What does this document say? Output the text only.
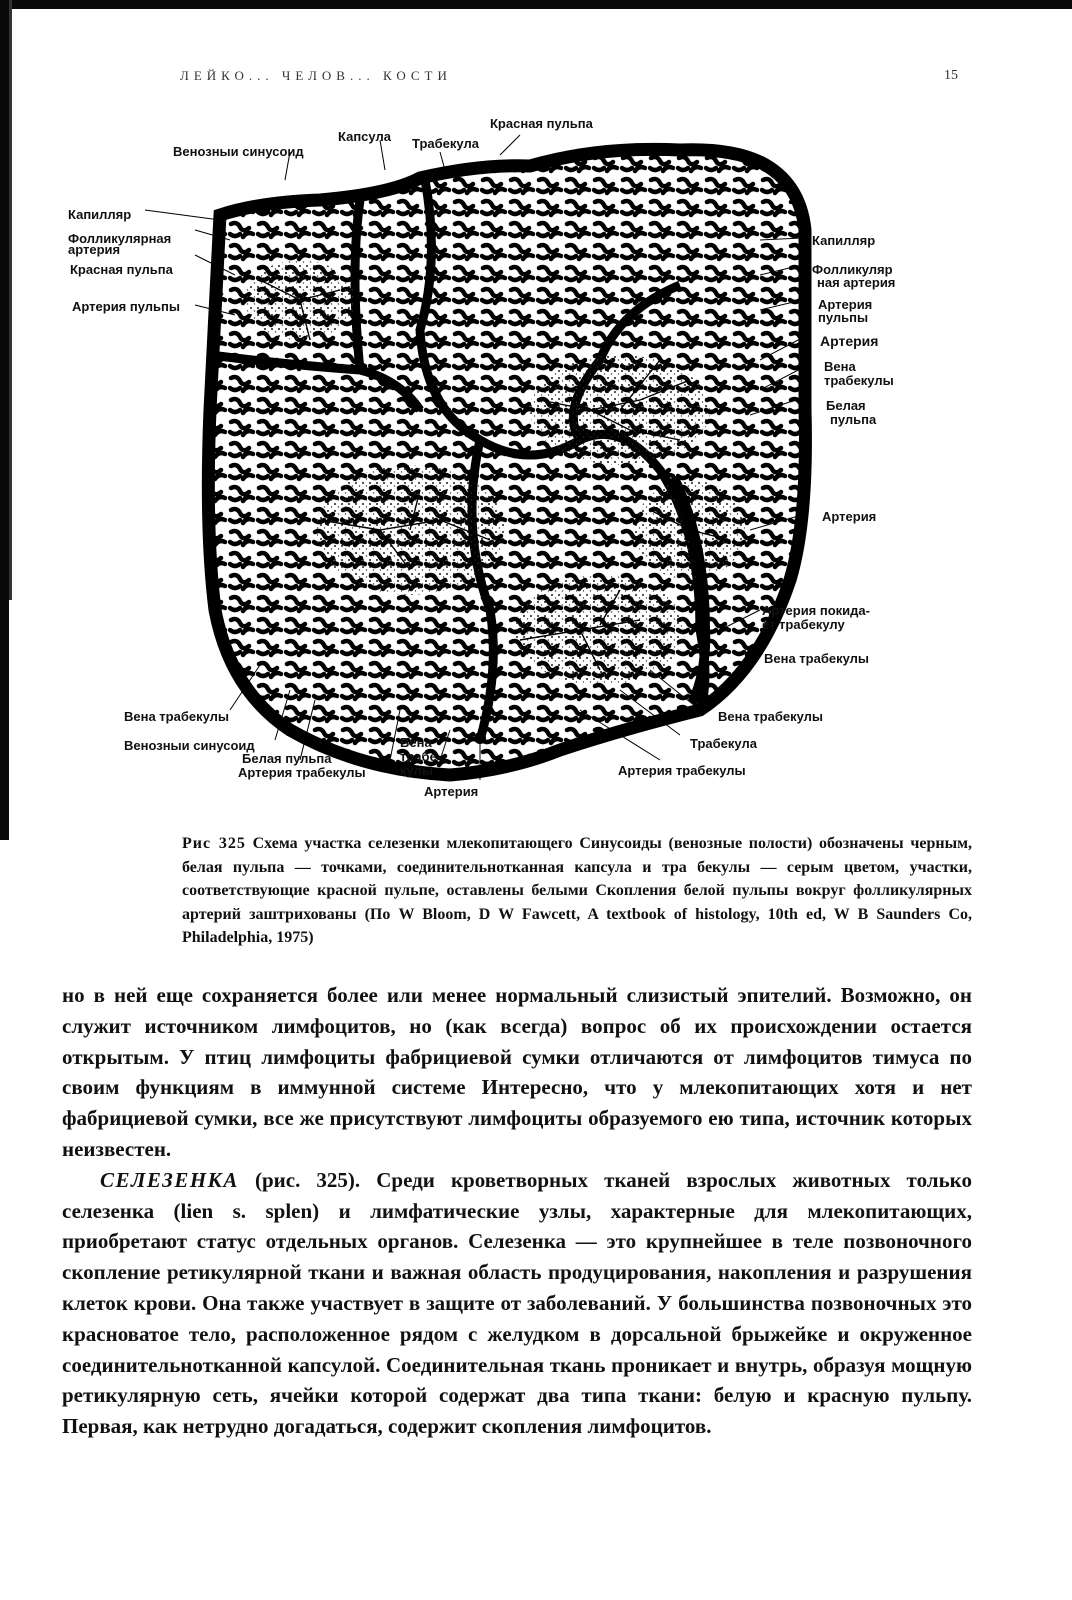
ЛЕЙКО... ЧЕЛОВ... КОСТИ	15
Красная пульпа
Венозныи синусоид
Капсула Трабекула
Капилляр
Фолликулярная
артерия
Красная пульпа
Артерия пульпы
Капилляр
Фолликуляр
ная артерия
Артерия
пульпы
Артерия
Вена
трабекулы
Белая
пульпа
Артерия
Артерия покида-
ет трабекулу
Вена трабекулы
Вена трабекулы
Венозныи синусоид
Белая пульпа
Артерия трабекулы
Вена
трабе-
кулы
Артерия
Вена трабекулы
Трабекула
Артерия трабекулы
Рис 325 Схема участка селезенки млекопитающего Синусоиды (венозные полости) обозначены черным, белая пульпа — точками, соединительнотканная капсула и тра бекулы — серым цветом, участки, соответствующие красной пульпе, оставлены белыми Скопления белой пульпы вокруг фолликулярных артерий заштрихованы (По W Bloom, D W Fawcett, A textbook of histology, 10th ed, W B Saunders Co, Philadelphia, 1975)

но в ней еще сохраняется более или менее нормальный слизистый эпителий. Возможно, он служит источником лимфоцитов, но (как всегда) вопрос об их происхождении остается открытым. У птиц лимфоциты фабрициевой сумки отличаются от лимфоцитов тимуса по своим функциям в иммунной системе Интересно, что у млекопитающих хотя и нет фабрициевой сумки, все же присутствуют лимфоциты образуемого ею типа, источник которых неизвестен.

СЕЛЕЗЕНКА (рис. 325). Среди кроветворных тканей взрослых животных только селезенка (lien s. splen) и лимфатические узлы, характерные для млекопитающих, приобретают статус отдельных органов. Селезенка — это крупнейшее в теле позвоночного скопление ретикулярной ткани и важная область продуцирования, накопления и разрушения клеток крови. Она также участвует в защите от заболеваний. У большинства позвоночных это красноватое тело, расположенное рядом с желудком в дорсальной брыжейке и окруженное соединительнотканной капсулой. Соединительная ткань проникает и внутрь, образуя мощную ретикулярную сеть, ячейки которой содержат два типа ткани: белую и красную пульпу. Первая, как нетрудно догадаться, содержит скопления лимфоцитов.
